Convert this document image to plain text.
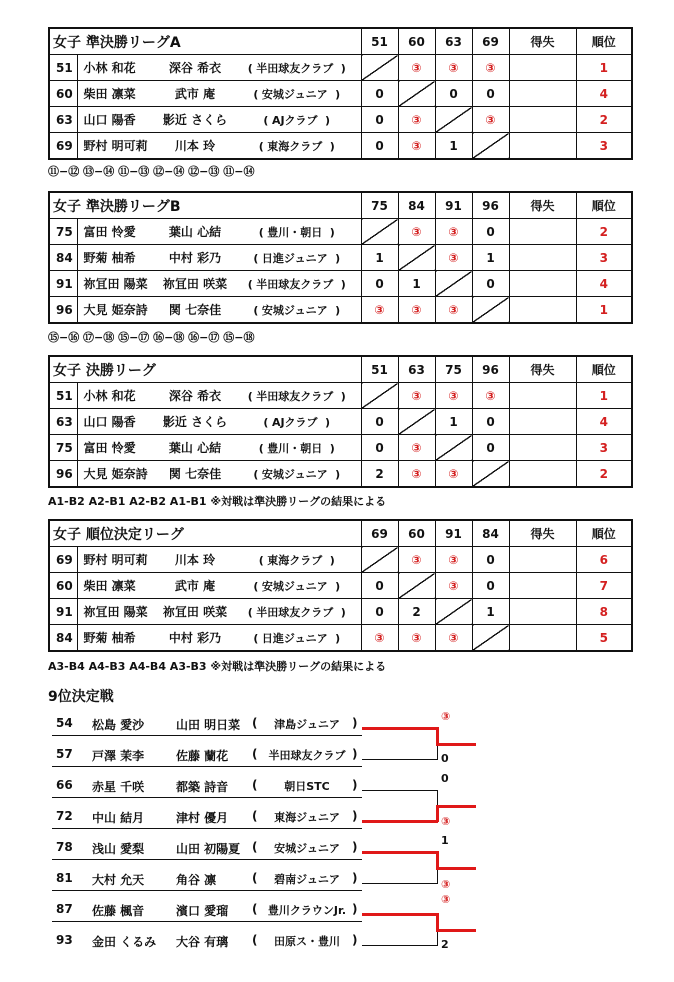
女子 準決勝リーグA				51	60	63	69	得失	順位
51	小林 和花	深谷 希衣	( 半田球友クラブ )		③	③	③		1
60	柴田 凛菜	武市 庵	( 安城ジュニア )	0		0	0		4
63	山口 陽香	影近 さくら	( AJクラブ )	0	③		③		2
69	野村 明可莉	川本 玲	( 東海クラブ )	0	③	1			3
女子 準決勝リーグB				75	84	91	96	得失	順位
75	富田 怜愛	葉山 心結	( 豊川・朝日 )		③	③	0		2
84	野菊 柚希	中村 彩乃	( 日進ジュニア )	1		③	1		3
91	祢冝田 陽菜	祢冝田 咲菜	( 半田球友クラブ )	0	1		0		4
96	大見 姫奈詩	関 七奈佳	( 安城ジュニア )	③	③	③			1
女子 決勝リーグ				51	63	75	96	得失	順位
51	小林 和花	深谷 希衣	( 半田球友クラブ )		③	③	③		1
63	山口 陽香	影近 さくら	( AJクラブ )	0		1	0		4
75	富田 怜愛	葉山 心結	( 豊川・朝日 )	0	③		0		3
96	大見 姫奈詩	関 七奈佳	( 安城ジュニア )	2	③	③			2
女子 順位決定リーグ				69	60	91	84	得失	順位
69	野村 明可莉	川本 玲	( 東海クラブ )		③	③	0		6
60	柴田 凛菜	武市 庵	( 安城ジュニア )	0		③	0		7
91	祢冝田 陽菜	祢冝田 咲菜	( 半田球友クラブ )	0	2		1		8
84	野菊 柚希	中村 彩乃	( 日進ジュニア )	③	③	③			5
⑪−⑫ ⑬−⑭ ⑪−⑬ ⑫−⑭ ⑫−⑬ ⑪−⑭
⑮−⑯ ⑰−⑱ ⑮−⑰ ⑯−⑱ ⑯−⑰ ⑮−⑱
A1-B2 A2-B1 A2-B2 A1-B1 ※対戦は準決勝リーグの結果による
A3-B4 A4-B3 A4-B4 A3-B3 ※対戦は準決勝リーグの結果による
9位決定戦
54 松島 愛沙	山田 明日菜 (	津島ジュニア	)
57 戸澤 茉李	佐藤 蘭花 ( 半田球友クラブ )
66 赤星 千咲	都築 詩音 (	朝日STC	)
72 中山 結月	津村 優月 (	東海ジュニア	)
78 浅山 愛梨	山田 初陽夏 (	安城ジュニア	)
81 大村 允天	角谷 凛	(	碧南ジュニア	)
87 佐藤 楓音	濱口 愛瑠 ( 豊川クラウンJr. )
93 金田 くるみ 大谷 有璃 (	田原ス・豊川	)
③
0
0
③
1
③
③
2
